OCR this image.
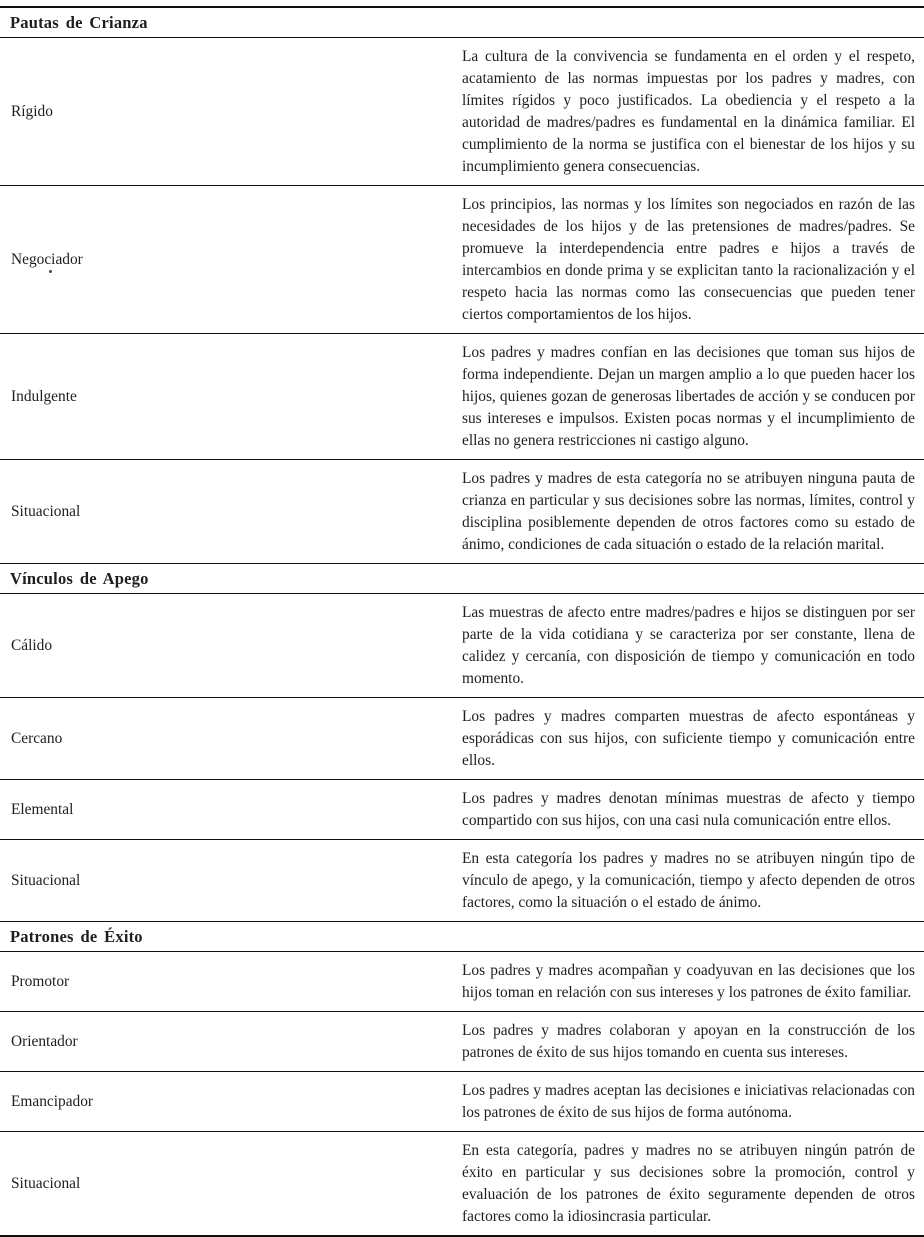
Pautas de Crianza	
Rígido	La cultura de la convivencia se fundamenta en el orden y el respeto, acatamiento de las normas impuestas por los padres y madres, con límites rígidos y poco justificados. La obediencia y el respeto a la autoridad de madres/padres es fundamental en la dinámica familiar. El cumplimiento de la norma se justifica con el bienestar de los hijos y su incumplimiento genera consecuencias.
Negociador	Los principios, las normas y los límites son negociados en razón de las necesidades de los hijos y de las pretensiones de madres/padres. Se promueve la interdependencia entre padres e hijos a través de intercambios en donde prima y se explicitan tanto la racionalización y el respeto hacia las normas como las consecuencias que pueden tener ciertos comportamientos de los hijos.
Indulgente	Los padres y madres confían en las decisiones que toman sus hijos de forma independiente. Dejan un margen amplio a lo que pueden hacer los hijos, quienes gozan de generosas libertades de acción y se conducen por sus intereses e impulsos. Existen pocas normas y el incumplimiento de ellas no genera restricciones ni castigo alguno.
Situacional	Los padres y madres de esta categoría no se atribuyen ninguna pauta de crianza en particular y sus decisiones sobre las normas, límites, control y disciplina posiblemente dependen de otros factores como su estado de ánimo, condiciones de cada situación o estado de la relación marital.
Vínculos de Apego	
Cálido	Las muestras de afecto entre madres/padres e hijos se distinguen por ser parte de la vida cotidiana y se caracteriza por ser constante, llena de calidez y cercanía, con disposición de tiempo y comunicación en todo momento.
Cercano	Los padres y madres comparten muestras de afecto espontáneas y esporádicas con sus hijos, con suficiente tiempo y comunicación entre ellos.
Elemental	Los padres y madres denotan mínimas muestras de afecto y tiempo compartido con sus hijos, con una casi nula comunicación entre ellos.
Situacional	En esta categoría los padres y madres no se atribuyen ningún tipo de vínculo de apego, y la comunicación, tiempo y afecto dependen de otros factores, como la situación o el estado de ánimo.
Patrones de Éxito	
Promotor	Los padres y madres acompañan y coadyuvan en las decisiones que los hijos toman en relación con sus intereses y los patrones de éxito familiar.
Orientador	Los padres y madres colaboran y apoyan en la construcción de los patrones de éxito de sus hijos tomando en cuenta sus intereses.
Emancipador	Los padres y madres aceptan las decisiones e iniciativas relacionadas con los patrones de éxito de sus hijos de forma autónoma.
Situacional	En esta categoría, padres y madres no se atribuyen ningún patrón de éxito en particular y sus decisiones sobre la promoción, control y evaluación de los patrones de éxito seguramente dependen de otros factores como la idiosincrasia particular.
